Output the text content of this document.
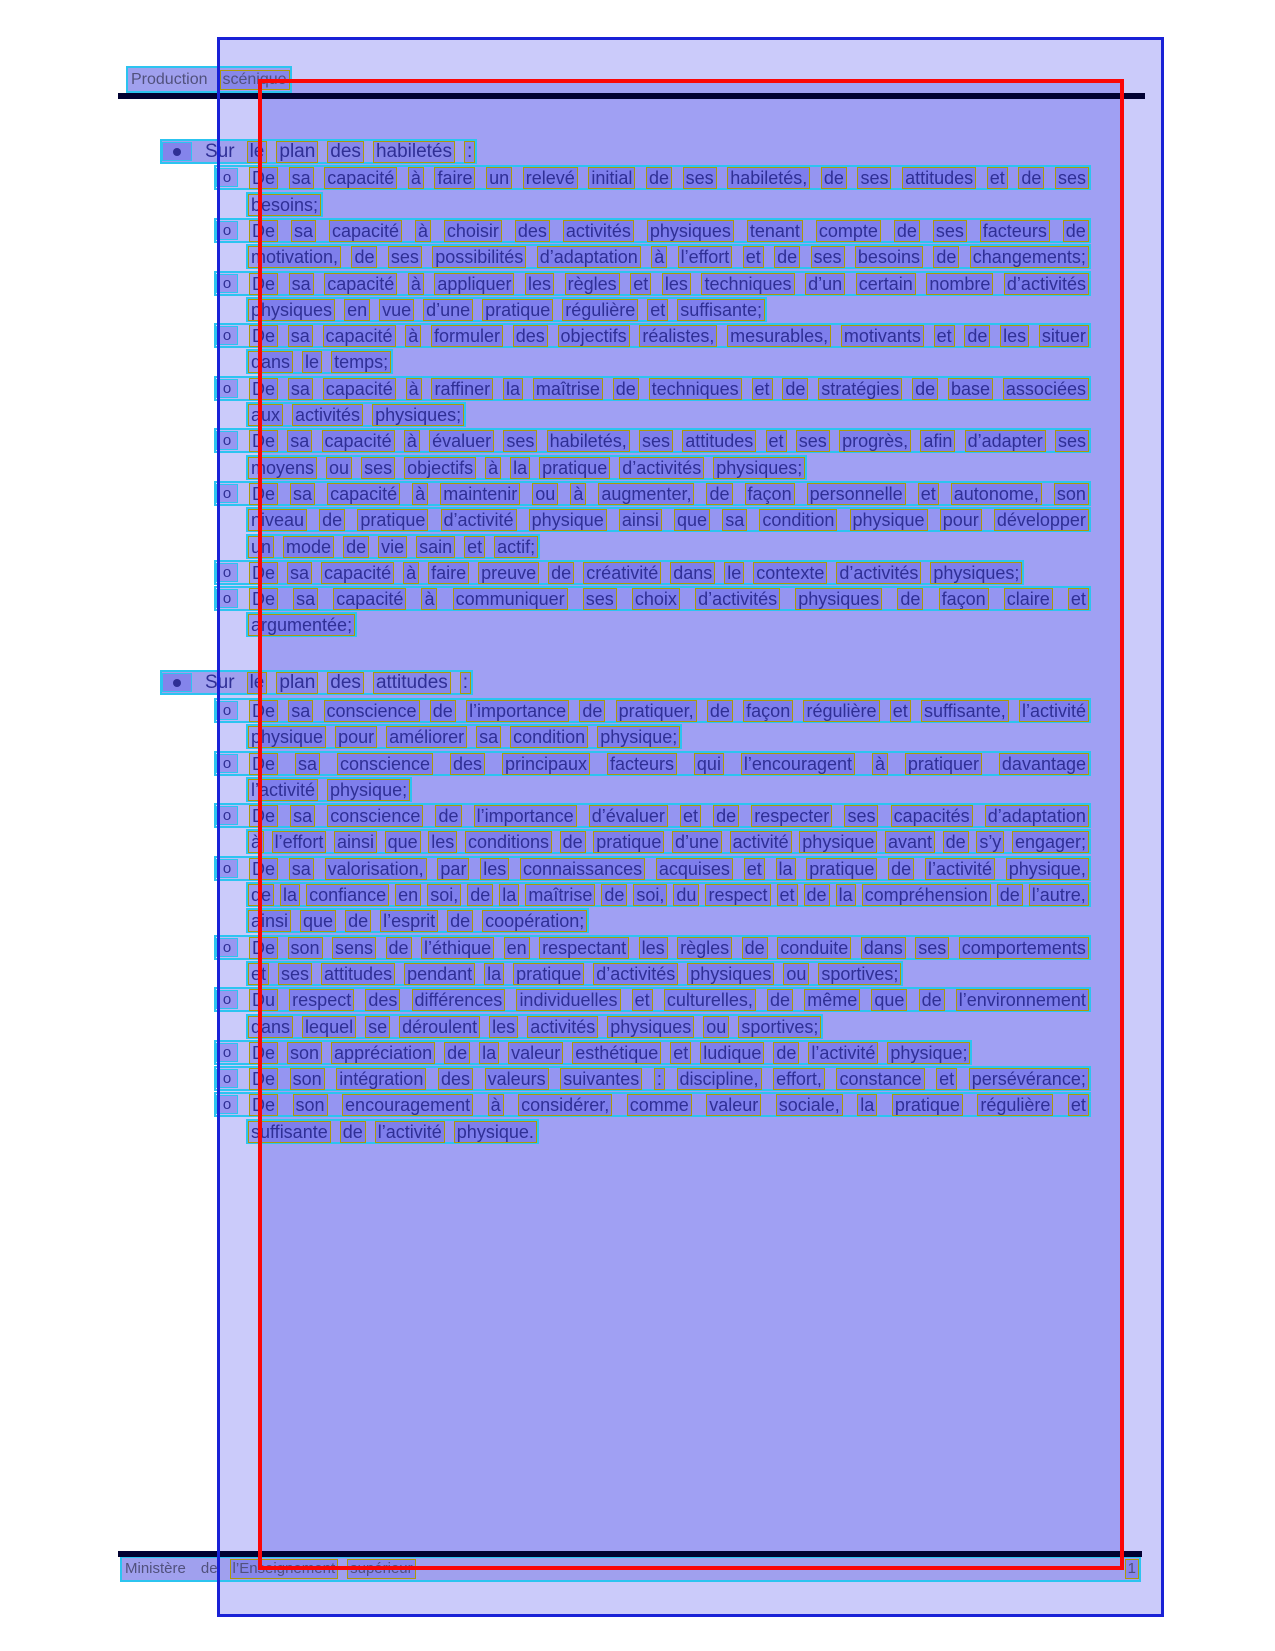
Production scénique
Sur le plan des habiletés :
o De sa capacité à faire un relevé initial de ses habiletés, de ses attitudes et de ses
besoins;
o De sa capacité à choisir des activités physiques tenant compte de ses facteurs de
motivation, de ses possibilités d’adaptation à l’effort et de ses besoins de changements;
o De sa capacité à appliquer les règles et les techniques d’un certain nombre d’activités
physiques en vue d’une pratique régulière et suffisante;
o De sa capacité à formuler des objectifs réalistes, mesurables, motivants et de les situer
dans le temps;
o De sa capacité à raffiner la maîtrise de techniques et de stratégies de base associées
aux activités physiques;
o De sa capacité à évaluer ses habiletés, ses attitudes et ses progrès, afin d’adapter ses
moyens ou ses objectifs à la pratique d’activités physiques;
o De sa capacité à maintenir ou à augmenter, de façon personnelle et autonome, son
niveau de pratique d’activité physique ainsi que sa condition physique pour développer
un mode de vie sain et actif;
o De sa capacité à faire preuve de créativité dans le contexte d’activités physiques;
o De sa capacité à communiquer ses choix d’activités physiques de façon claire et
argumentée;
Sur le plan des attitudes :
o De sa conscience de l’importance de pratiquer, de façon régulière et suffisante, l’activité
physique pour améliorer sa condition physique;
o De sa conscience des principaux facteurs qui l’encouragent à pratiquer davantage
l’activité physique;
o De sa conscience de l’importance d’évaluer et de respecter ses capacités d’adaptation
à l’effort ainsi que les conditions de pratique d’une activité physique avant de s’y engager;
o De sa valorisation, par les connaissances acquises et la pratique de l’activité physique,
de la confiance en soi, de la maîtrise de soi, du respect et de la compréhension de l’autre,
ainsi que de l’esprit de coopération;
o De son sens de l’éthique en respectant les règles de conduite dans ses comportements
et ses attitudes pendant la pratique d’activités physiques ou sportives;
o Du respect des différences individuelles et culturelles, de même que de l’environnement
dans lequel se déroulent les activités physiques ou sportives;
o De son appréciation de la valeur esthétique et ludique de l’activité physique;
o De son intégration des valeurs suivantes : discipline, effort, constance et persévérance;
o De son encouragement à considérer, comme valeur sociale, la pratique régulière et
suffisante de l’activité physique.
Ministère de l’Enseignement supérieur	1
